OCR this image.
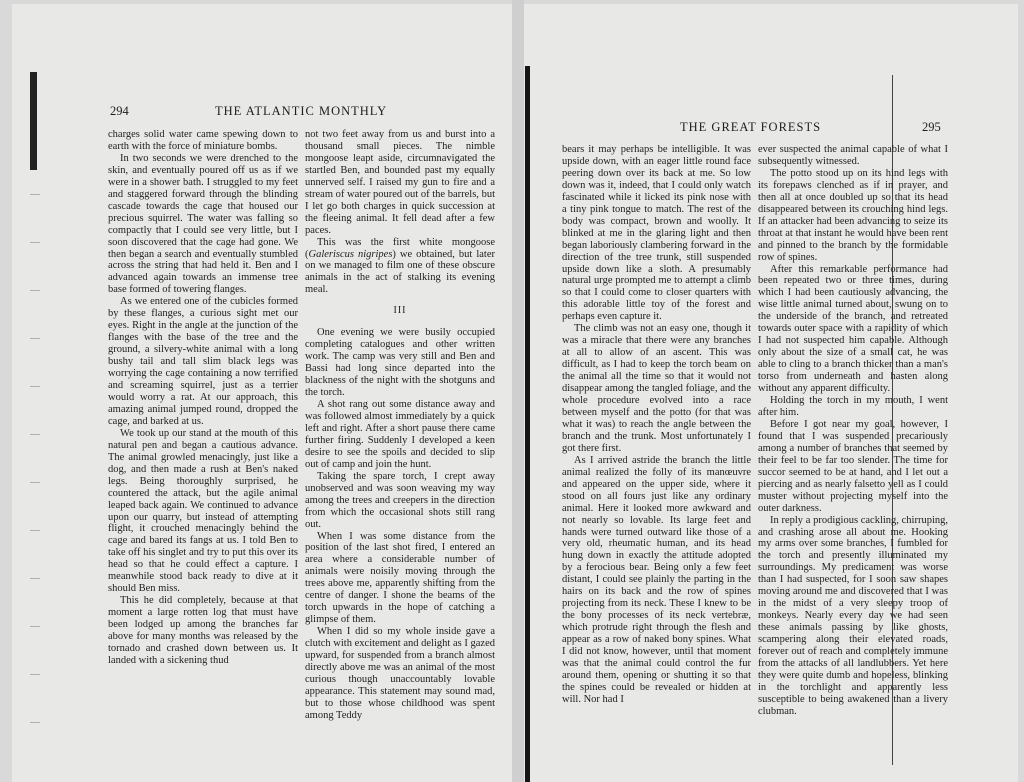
294	THE ATLANTIC MONTHLY

charges solid water came spewing down to earth with the force of miniature bombs.

In two seconds we were drenched to the skin, and eventually poured off us as if we were in a shower bath. I struggled to my feet and staggered forward through the blinding cascade towards the cage that housed our precious squirrel. The water was falling so compactly that I could see very little, but I soon discovered that the cage had gone. We then began a search and eventually stumbled across the string that had held it. Ben and I advanced again towards an immense tree base formed of towering flanges.

As we entered one of the cubicles formed by these flanges, a curious sight met our eyes. Right in the angle at the junction of the flanges with the base of the tree and the ground, a silvery-white animal with a long bushy tail and tall slim black legs was worrying the cage containing a now terrified and screaming squirrel, just as a terrier would worry a rat. At our approach, this amazing animal jumped round, dropped the cage, and barked at us.

We took up our stand at the mouth of this natural pen and began a cautious advance. The animal growled menacingly, just like a dog, and then made a rush at Ben's naked legs. Being thoroughly surprised, he countered the attack, but the agile animal leaped back again. We continued to advance upon our quarry, but instead of attempting flight, it crouched menacingly behind the cage and bared its fangs at us. I told Ben to take off his singlet and try to put this over its head so that he could effect a capture. I meanwhile stood back ready to dive at it should Ben miss.

This he did completely, because at that moment a large rotten log that must have been lodged up among the branches far above for many months was released by the tornado and crashed down between us. It landed with a sickening thud

not two feet away from us and burst into a thousand small pieces. The nimble mongoose leapt aside, circumnavigated the startled Ben, and bounded past my equally unnerved self. I raised my gun to fire and a stream of water poured out of the barrels, but I let go both charges in quick succession at the fleeing animal. It fell dead after a few paces.

This was the first white mongoose (Galeriscus nigripes) we obtained, but later on we managed to film one of these obscure animals in the act of stalking its evening meal.

III

One evening we were busily occupied completing catalogues and other written work. The camp was very still and Ben and Bassi had long since departed into the blackness of the night with the shotguns and the torch.

A shot rang out some distance away and was followed almost immediately by a quick left and right. After a short pause there came further firing. Suddenly I developed a keen desire to see the spoils and decided to slip out of camp and join the hunt.

Taking the spare torch, I crept away unobserved and was soon weaving my way among the trees and creepers in the direction from which the occasional shots still rang out.

When I was some distance from the position of the last shot fired, I entered an area where a considerable number of animals were noisily moving through the trees above me, apparently shifting from the centre of danger. I shone the beams of the torch upwards in the hope of catching a glimpse of them.

When I did so my whole inside gave a clutch with excitement and delight as I gazed upward, for suspended from a branch almost directly above me was an animal of the most curious though unaccountably lovable appearance. This statement may sound mad, but to those whose childhood was spent among Teddy

THE GREAT FORESTS	295

bears it may perhaps be intelligible. It was upside down, with an eager little round face peering down over its back at me. So low down was it, indeed, that I could only watch fascinated while it licked its pink nose with a tiny pink tongue to match. The rest of the body was compact, brown and woolly. It blinked at me in the glaring light and then began laboriously clambering forward in the direction of the tree trunk, still suspended upside down like a sloth. A presumably natural urge prompted me to attempt a climb so that I could come to closer quarters with this adorable little toy of the forest and perhaps even capture it.

The climb was not an easy one, though it was a miracle that there were any branches at all to allow of an ascent. This was difficult, as I had to keep the torch beam on the animal all the time so that it would not disappear among the tangled foliage, and the whole procedure evolved into a race between myself and the potto (for that was what it was) to reach the angle between the branch and the trunk. Most unfortunately I got there first.

As I arrived astride the branch the little animal realized the folly of its manœuvre and appeared on the upper side, where it stood on all fours just like any ordinary animal. Here it looked more awkward and not nearly so lovable. Its large feet and hands were turned outward like those of a very old, rheumatic human, and its head hung down in exactly the attitude adopted by a ferocious bear. Being only a few feet distant, I could see plainly the parting in the hairs on its back and the row of spines projecting from its neck. These I knew to be the bony processes of its neck vertebræ, which protrude right through the flesh and appear as a row of naked bony spines. What I did not know, however, until that moment was that the animal could control the fur around them, opening or shutting it so that the spines could be revealed or hidden at will. Nor had I

ever suspected the animal capable of what I subsequently witnessed.

The potto stood up on its hind legs with its forepaws clenched as if in prayer, and then all at once doubled up so that its head disappeared between its crouching hind legs. If an attacker had been advancing to seize its throat at that instant he would have been rent and pinned to the branch by the formidable row of spines.

After this remarkable performance had been repeated two or three times, during which I had been cautiously advancing, the wise little animal turned about, swung on to the underside of the branch, and retreated towards outer space with a rapidity of which I had not suspected him capable. Although only about the size of a small cat, he was able to cling to a branch thicker than a man's torso from underneath and hasten along without any apparent difficulty.

Holding the torch in my mouth, I went after him.

Before I got near my goal, however, I found that I was suspended precariously among a number of branches that seemed by their feel to be far too slender. The time for succor seemed to be at hand, and I let out a piercing and as nearly falsetto yell as I could muster without projecting myself into the outer darkness.

In reply a prodigious cackling, chirruping, and crashing arose all about me. Hooking my arms over some branches, I fumbled for the torch and presently illuminated my surroundings. My predicament was worse than I had suspected, for I soon saw shapes moving around me and discovered that I was in the midst of a very sleepy troop of monkeys. Nearly every day we had seen these animals passing by like ghosts, scampering along their elevated roads, forever out of reach and completely immune from the attacks of all landlubbers. Yet here they were quite dumb and hopeless, blinking in the torchlight and apparently less susceptible to being awakened than a livery clubman.
